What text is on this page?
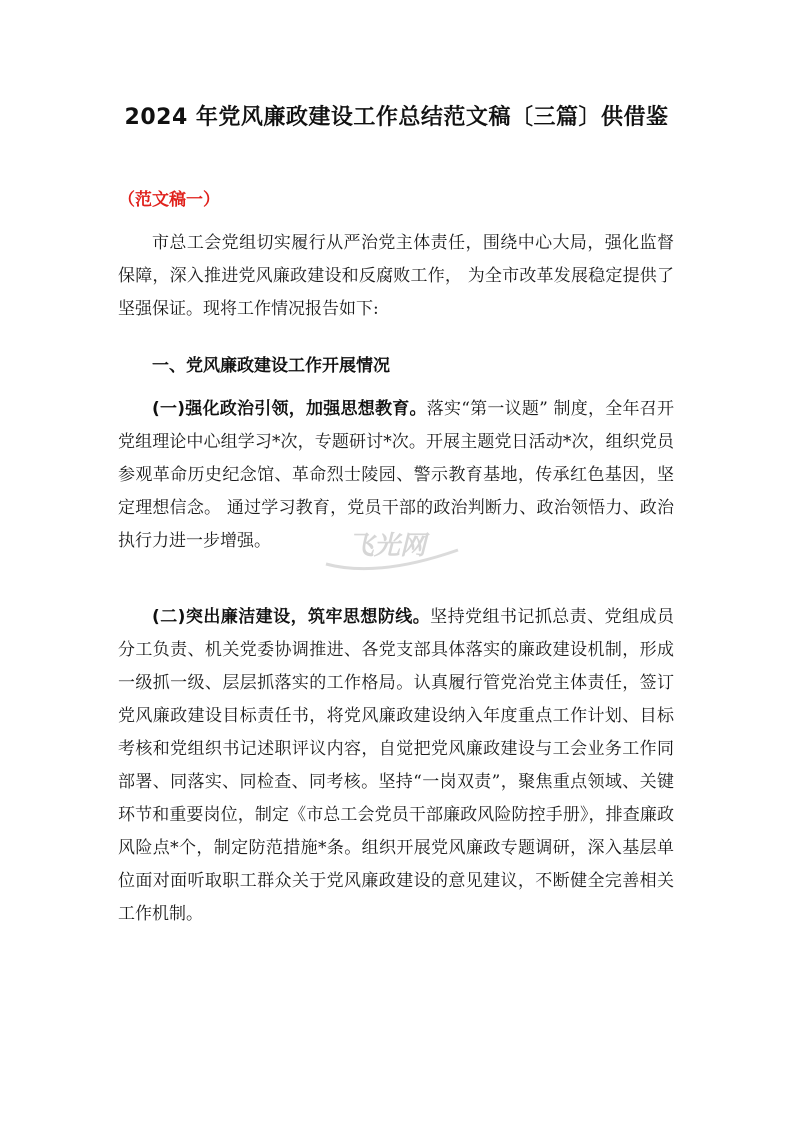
2024 年党风廉政建设工作总结范文稿〔三篇〕供借鉴

（范文稿一）

市总工会党组切实履行从严治党主体责任，围绕中心大局，强化监督保障，深入推进党风廉政建设和反腐败工作， 为全市改革发展稳定提供了坚强保证。现将工作情况报告如下:

一、党风廉政建设工作开展情况

(一)强化政治引领，加强思想教育。落实“第一议题” 制度，全年召开党组理论中心组学习*次，专题研讨*次。开展主题党日活动*次，组织党员参观革命历史纪念馆、革命烈士陵园、警示教育基地，传承红色基因，坚定理想信念。 通过学习教育，党员干部的政治判断力、政治领悟力、政治执行力进一步增强。

(二)突出廉洁建设，筑牢思想防线。坚持党组书记抓总责、党组成员分工负责、机关党委协调推进、各党支部具体落实的廉政建设机制，形成一级抓一级、层层抓落实的工作格局。认真履行管党治党主体责任，签订党风廉政建设目标责任书，将党风廉政建设纳入年度重点工作计划、目标考核和党组织书记述职评议内容，自觉把党风廉政建设与工会业务工作同部署、同落实、同检查、同考核。坚持“一岗双责”，聚焦重点领域、关键环节和重要岗位，制定《市总工会党员干部廉政风险防控手册》，排查廉政风险点*个，制定防范措施*条。组织开展党风廉政专题调研，深入基层单位面对面听取职工群众关于党风廉政建设的意见建议，不断健全完善相关工作机制。

飞光网
